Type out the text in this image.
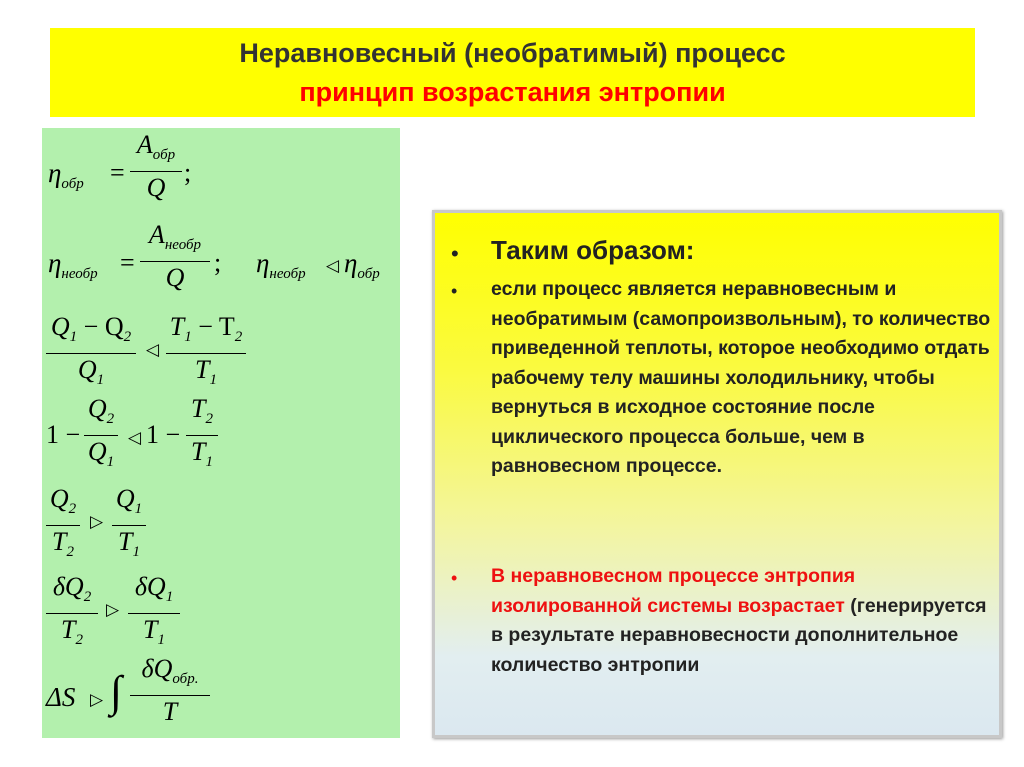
Неравновесный (необратимый) процесс
принцип возрастания энтропии
$\eta_{обр}$ =
$A_{обр}$
Q
;
$\eta_{необр}$ =
$A_{необр}$
Q
; $\eta_{необр}$ ◁ $\eta_{обр}$
$Q_1 - Q_2$
$Q_1$
◁
$T_1 - T_2$
$T_1$
1 −
$Q_2$
$Q_1$
◁ 1 −
$T_2$
$T_1$
$Q_2$
$T_2$
▷
$Q_1$
$T_1$
$\delta Q_2$
$T_2$
▷
$\delta Q_1$
$T_1$
ΔS ▷ ∫ $\delta Q_{обр.}$
T
• Таким образом:
• если процесс является неравновесным и необратимым (самопроизвольным), то количество приведенной теплоты, которое необходимо отдать рабочему телу машины холодильнику, чтобы вернуться в исходное состояние после циклического процесса больше, чем в равновесном процессе.
• В неравновесном процессе энтропия изолированной системы возрастает (генерируется в результате неравновесности дополнительное количество энтропии
